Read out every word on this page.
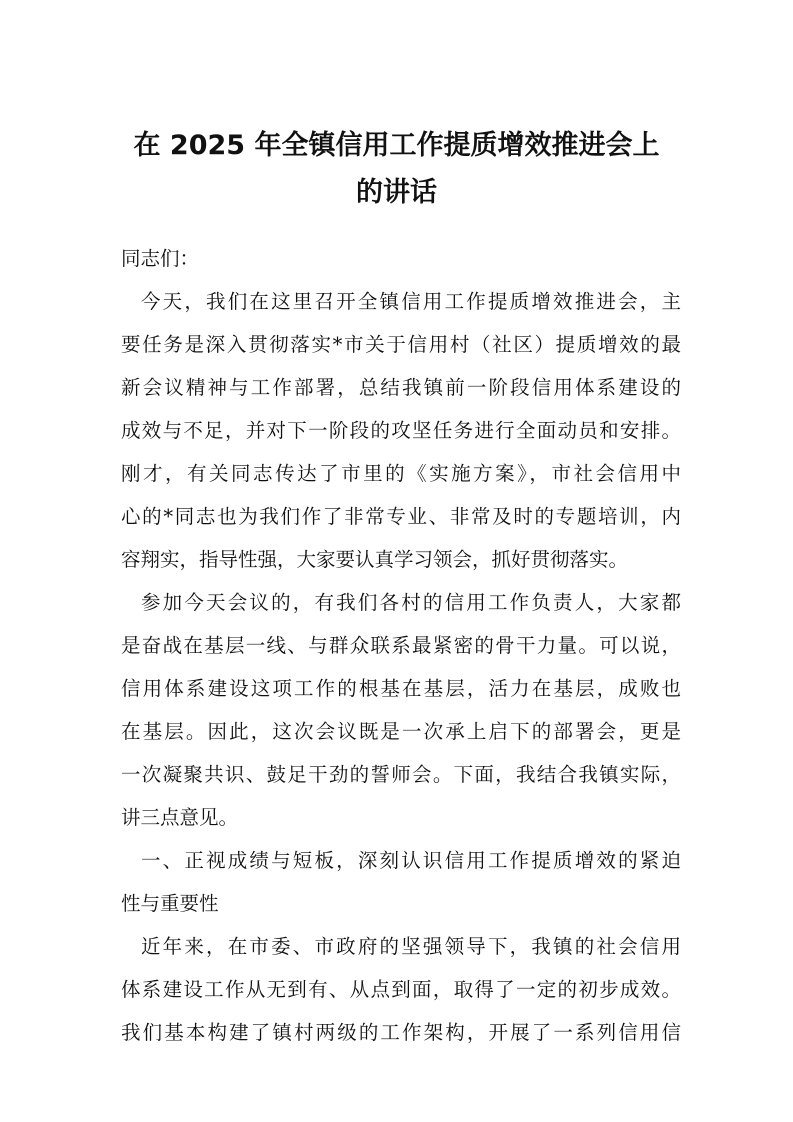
在 2025 年全镇信用工作提质增效推进会上
的讲话
同志们：
今天，我们在这里召开全镇信用工作提质增效推进会，主
要任务是深入贯彻落实*市关于信用村（社区）提质增效的最
新会议精神与工作部署，总结我镇前一阶段信用体系建设的
成效与不足，并对下一阶段的攻坚任务进行全面动员和安排。
刚才，有关同志传达了市里的《实施方案》，市社会信用中
心的*同志也为我们作了非常专业、非常及时的专题培训，内
容翔实，指导性强，大家要认真学习领会，抓好贯彻落实。
参加今天会议的，有我们各村的信用工作负责人，大家都
是奋战在基层一线、与群众联系最紧密的骨干力量。可以说，
信用体系建设这项工作的根基在基层，活力在基层，成败也
在基层。因此，这次会议既是一次承上启下的部署会，更是
一次凝聚共识、鼓足干劲的誓师会。下面，我结合我镇实际，
讲三点意见。
一、正视成绩与短板，深刻认识信用工作提质增效的紧迫
性与重要性
近年来，在市委、市政府的坚强领导下，我镇的社会信用
体系建设工作从无到有、从点到面，取得了一定的初步成效。
我们基本构建了镇村两级的工作架构，开展了一系列信用信
